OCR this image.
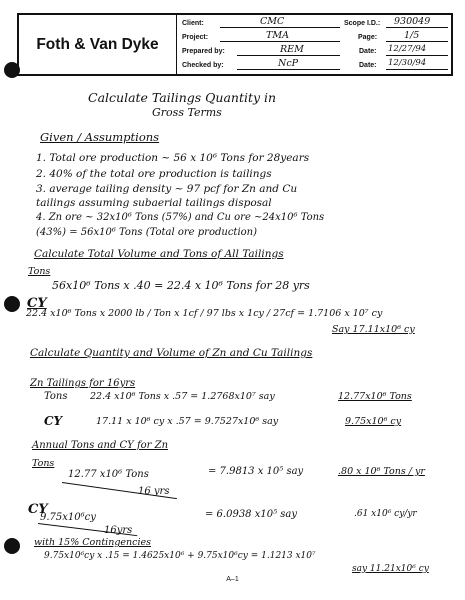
Foth & Van Dyke
Client:	CMC	Scope I.D.: 930049
Project:	TMA	Page:	1/5
Prepared by:	REM	Date: 12/27/94
Checked by:	NcP	Date: 12/30/94
Calculate Tailings Quantity in
Gross Terms
Given / Assumptions
1. Total ore production ~ 56 x 10⁶ Tons for 28years
2. 40% of the total ore production is tailings
3. average tailing density ~ 97 pcf for Zn and Cu
tailings assuming subaerial tailings disposal
4. Zn ore ~ 32x10⁶ Tons (57%) and Cu ore ~24x10⁶ Tons
(43%) = 56x10⁶ Tons (Total ore production)
Calculate Total Volume and Tons of All Tailings
Tons
56x10⁶ Tons x .40 = 22.4 x 10⁶ Tons for 28 yrs
CY
22.4 x10⁶ Tons x 2000 lb / Ton x 1cf / 97 lbs x 1cy / 27cf = 1.7106 x 10⁷ cy
Say 17.11x10⁶ cy
Calculate Quantity and Volume of Zn and Cu Tailings
Zn Tailings for 16yrs
Tons 22.4 x10⁶ Tons x .57 = 1.2768x10⁷ say	12.77x10⁶ Tons
CY	17.11 x 10⁶ cy x .57 = 9.7527x10⁶ say	9.75x10⁶ cy
Annual Tons and CY for Zn
Tons
12.77 x10⁶ Tons
16 yrs
= 7.9813 x 10⁵ say	.80 x 10⁶ Tons / yr
CY
9.75x10⁶cy
16yrs
= 6.0938 x10⁵ say	.61 x10⁶ cy/yr
with 15% Contingencies
9.75x10⁶cy x .15 = 1.4625x10⁶ + 9.75x10⁶cy = 1.1213 x10⁷
say 11.21x10⁶ cy
A–1
